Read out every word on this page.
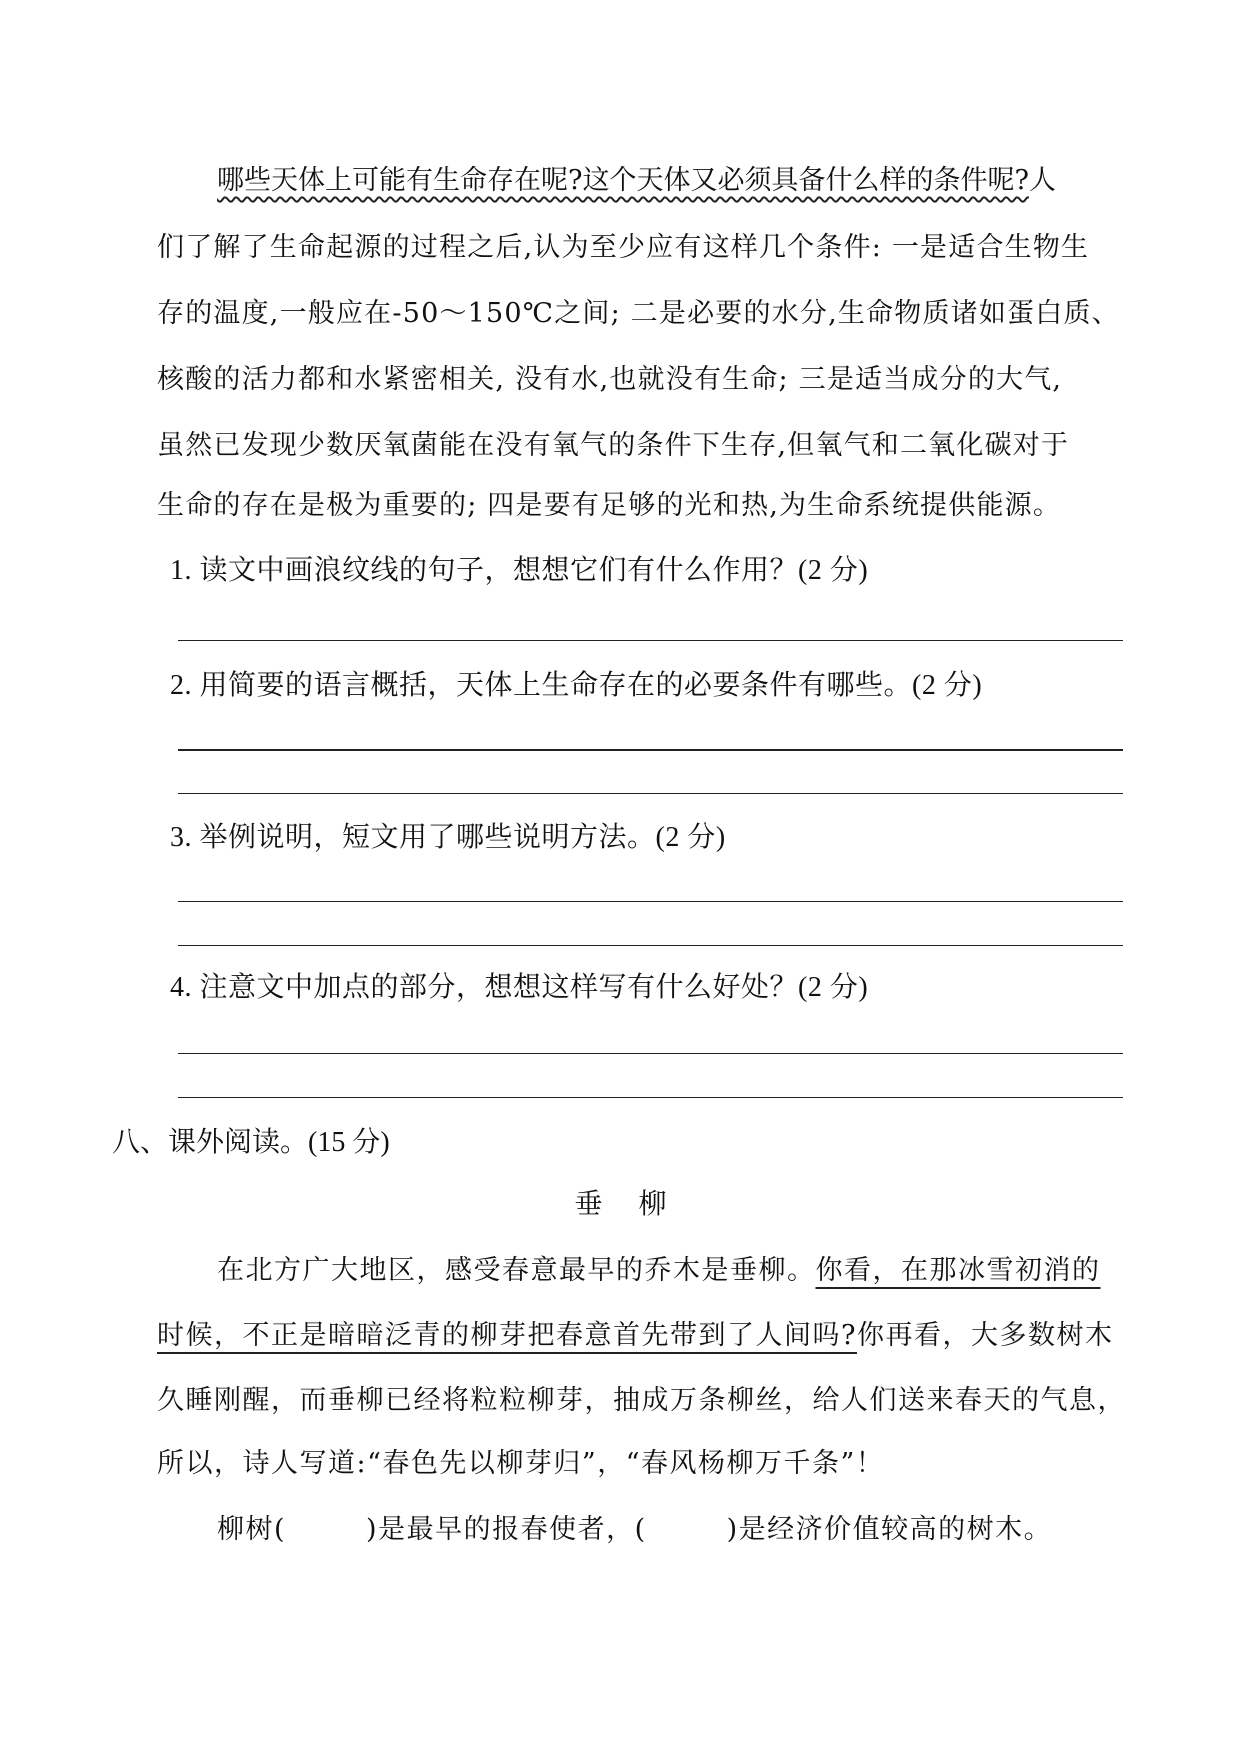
哪些天体上可能有生命存在呢?这个天体又必须具备什么样的条件呢?人
们了解了生命起源的过程之后,认为至少应有这样几个条件: 一是适合生物生
存的温度,一般应在-50～150℃之间; 二是必要的水分,生命物质诸如蛋白质、
核酸的活力都和水紧密相关, 没有水,也就没有生命; 三是适当成分的大气,
虽然已发现少数厌氧菌能在没有氧气的条件下生存,但氧气和二氧化碳对于
生命的存在是极为重要的; 四是要有足够的光和热,为生命系统提供能源。
1. 读文中画浪纹线的句子，想想它们有什么作用？(2 分)
2. 用简要的语言概括，天体上生命存在的必要条件有哪些。(2 分)
3. 举例说明，短文用了哪些说明方法。(2 分)
4. 注意文中加点的部分，想想这样写有什么好处？(2 分)
八、课外阅读。(15 分)
垂 柳
在北方广大地区，感受春意最早的乔木是垂柳。你看，在那冰雪初消的
时候，不正是暗暗泛青的柳芽把春意首先带到了人间吗?你再看，大多数树木
久睡刚醒，而垂柳已经将粒粒柳芽，抽成万条柳丝，给人们送来春天的气息，
所以，诗人写道:“春色先以柳芽归”，“春风杨柳万千条”！
柳树(	)是最早的报春使者，(	)是经济价值较高的树木。
